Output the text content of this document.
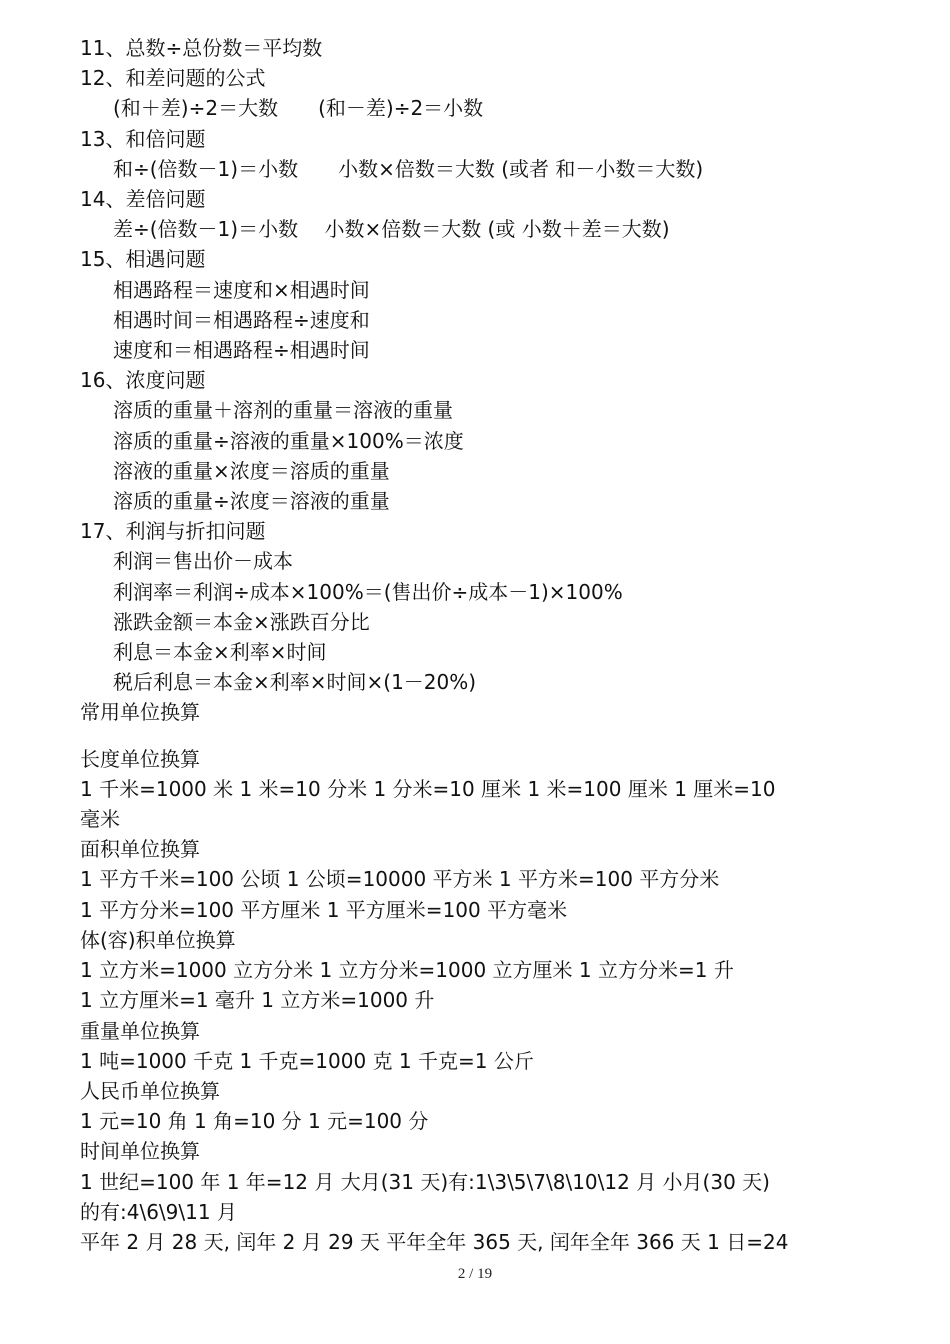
11、总数÷总份数＝平均数
12、和差问题的公式
(和＋差)÷2＝大数　　(和－差)÷2＝小数
13、和倍问题
和÷(倍数－1)＝小数　　小数×倍数＝大数 (或者 和－小数＝大数)
14、差倍问题
差÷(倍数－1)＝小数　 小数×倍数＝大数 (或 小数＋差＝大数)
15、相遇问题
相遇路程＝速度和×相遇时间
相遇时间＝相遇路程÷速度和
速度和＝相遇路程÷相遇时间
16、浓度问题
溶质的重量＋溶剂的重量＝溶液的重量
溶质的重量÷溶液的重量×100%＝浓度
溶液的重量×浓度＝溶质的重量
溶质的重量÷浓度＝溶液的重量
17、利润与折扣问题
利润＝售出价－成本
利润率＝利润÷成本×100%＝(售出价÷成本－1)×100%
涨跌金额＝本金×涨跌百分比
利息＝本金×利率×时间
税后利息＝本金×利率×时间×(1－20%)
常用单位换算
长度单位换算
1 千米=1000 米 1 米=10 分米 1 分米=10 厘米 1 米=100 厘米 1 厘米=10
毫米
面积单位换算
1 平方千米=100 公顷 1 公顷=10000 平方米 1 平方米=100 平方分米
1 平方分米=100 平方厘米 1 平方厘米=100 平方毫米
体(容)积单位换算
1 立方米=1000 立方分米 1 立方分米=1000 立方厘米 1 立方分米=1 升
1 立方厘米=1 毫升 1 立方米=1000 升
重量单位换算
1 吨=1000 千克 1 千克=1000 克 1 千克=1 公斤
人民币单位换算
1 元=10 角 1 角=10 分 1 元=100 分
时间单位换算
1 世纪=100 年 1 年=12 月 大月(31 天)有:1\3\5\7\8\10\12 月 小月(30 天)
的有:4\6\9\11 月
平年 2 月 28 天, 闰年 2 月 29 天 平年全年 365 天, 闰年全年 366 天 1 日=24
2 / 19
